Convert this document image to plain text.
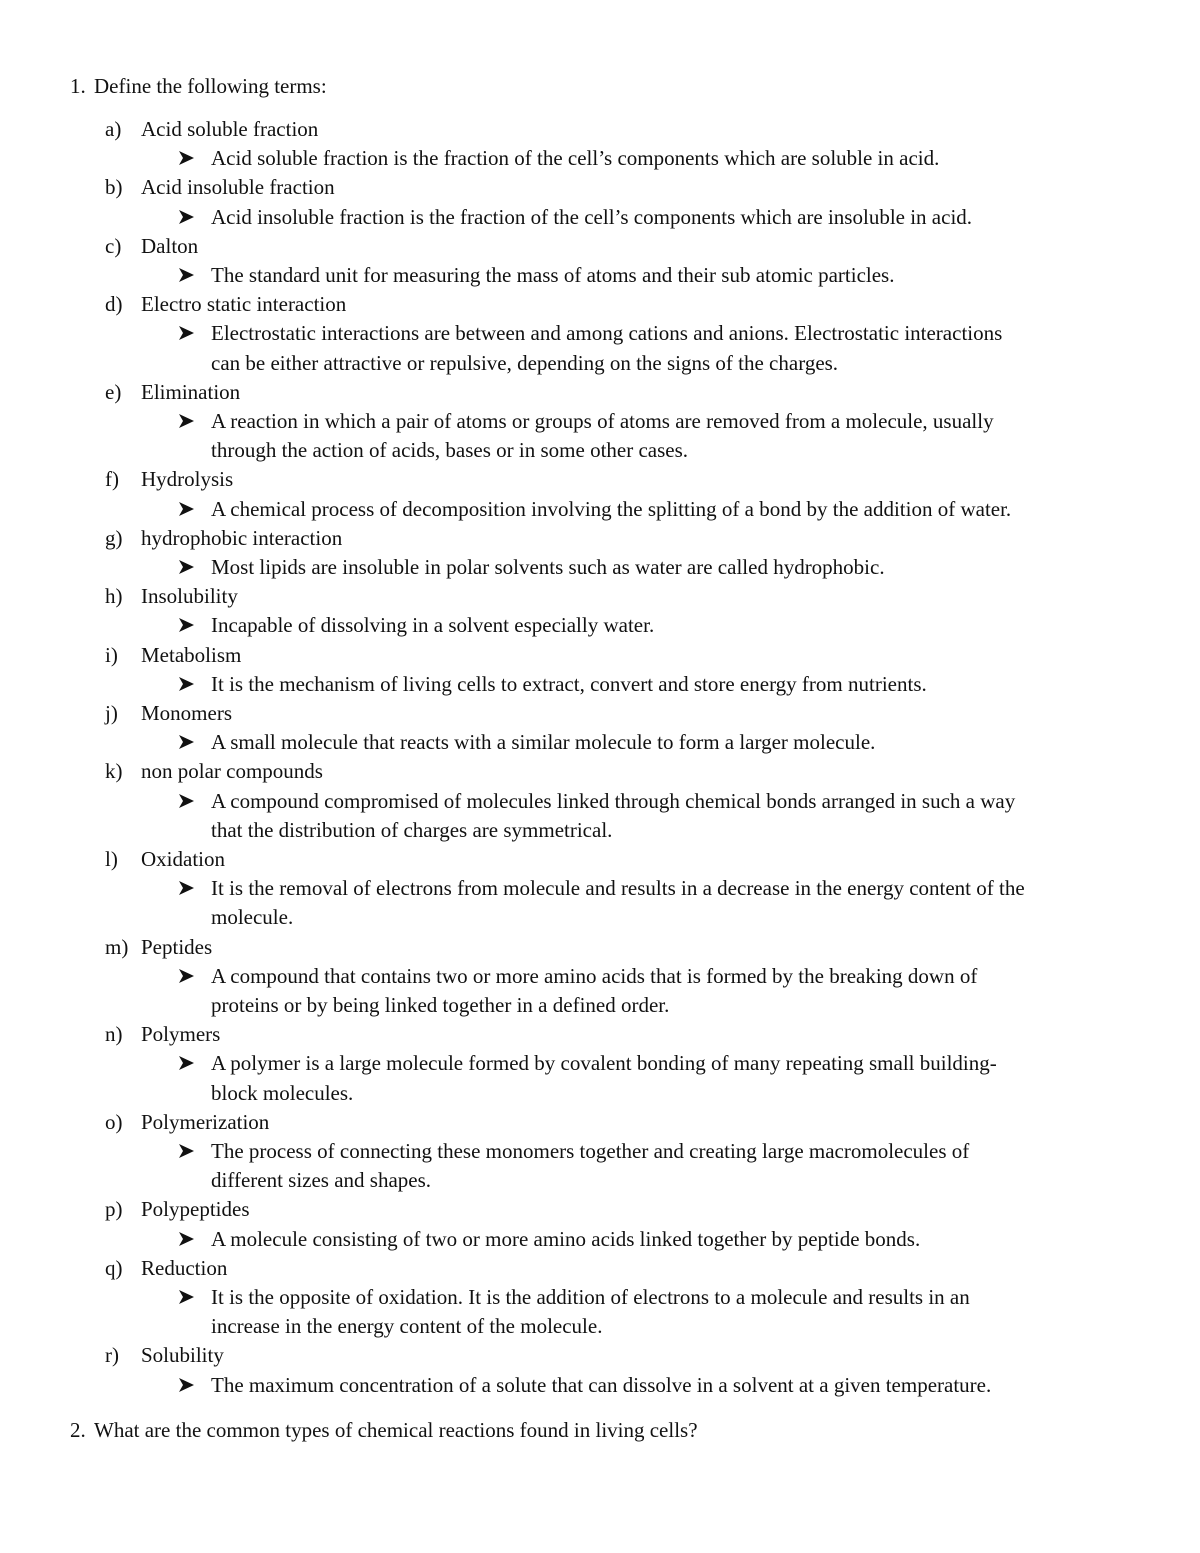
1. Define the following terms:
a) Acid soluble fraction
Acid soluble fraction is the fraction of the cell’s components which are soluble in acid.
b) Acid insoluble fraction
Acid insoluble fraction is the fraction of the cell’s components which are insoluble in acid.
c) Dalton
The standard unit for measuring the mass of atoms and their sub atomic particles.
d) Electro static interaction
Electrostatic interactions are between and among cations and anions. Electrostatic interactions
can be either attractive or repulsive, depending on the signs of the charges.
e) Elimination
A reaction in which a pair of atoms or groups of atoms are removed from a molecule, usually
through the action of acids, bases or in some other cases.
f) Hydrolysis
A chemical process of decomposition involving the splitting of a bond by the addition of water.
g) hydrophobic interaction
Most lipids are insoluble in polar solvents such as water are called hydrophobic.
h) Insolubility
Incapable of dissolving in a solvent especially water.
i) Metabolism
It is the mechanism of living cells to extract, convert and store energy from nutrients.
j) Monomers
A small molecule that reacts with a similar molecule to form a larger molecule.
k) non polar compounds
A compound compromised of molecules linked through chemical bonds arranged in such a way
that the distribution of charges are symmetrical.
l) Oxidation
It is the removal of electrons from molecule and results in a decrease in the energy content of the
molecule.
m) Peptides
A compound that contains two or more amino acids that is formed by the breaking down of
proteins or by being linked together in a defined order.
n) Polymers
A polymer is a large molecule formed by covalent bonding of many repeating small building-
block molecules.
o) Polymerization
The process of connecting these monomers together and creating large macromolecules of
different sizes and shapes.
p) Polypeptides
A molecule consisting of two or more amino acids linked together by peptide bonds.
q) Reduction
It is the opposite of oxidation. It is the addition of electrons to a molecule and results in an
increase in the energy content of the molecule.
r) Solubility
The maximum concentration of a solute that can dissolve in a solvent at a given temperature.
2. What are the common types of chemical reactions found in living cells?
